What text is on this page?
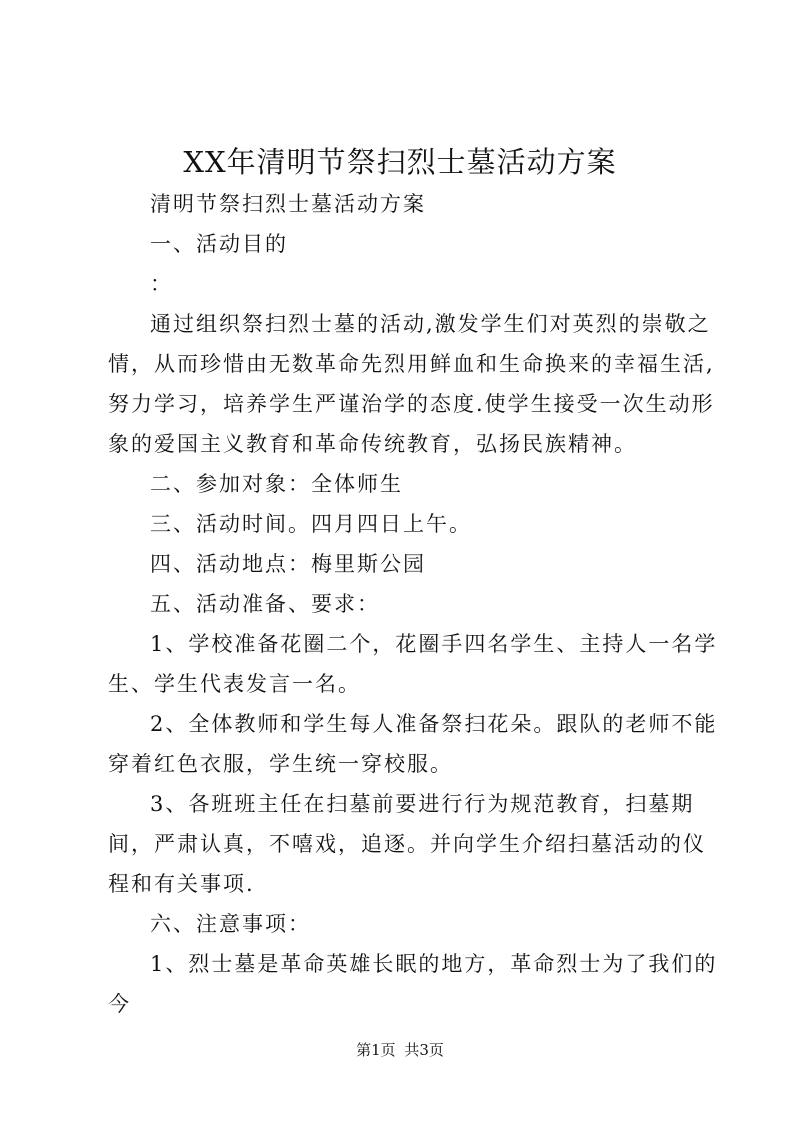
XX年清明节祭扫烈士墓活动方案

清明节祭扫烈士墓活动方案

一、活动目的

：

通过组织祭扫烈士墓的活动,激发学生们对英烈的崇敬之情，从而珍惜由无数革命先烈用鲜血和生命换来的幸福生活,努力学习，培养学生严谨治学的态度.使学生接受一次生动形象的爱国主义教育和革命传统教育，弘扬民族精神。

二、参加对象：全体师生

三、活动时间。四月四日上午。

四、活动地点：梅里斯公园

五、活动准备、要求：

1、学校准备花圈二个，花圈手四名学生、主持人一名学生、学生代表发言一名。

2、全体教师和学生每人准备祭扫花朵。跟队的老师不能穿着红色衣服，学生统一穿校服。

3、各班班主任在扫墓前要进行行为规范教育，扫墓期间，严肃认真，不嘻戏，追逐。并向学生介绍扫墓活动的仪程和有关事项.

六、注意事项：

1、烈士墓是革命英雄长眠的地方，革命烈士为了我们的今

第1页 共3页
